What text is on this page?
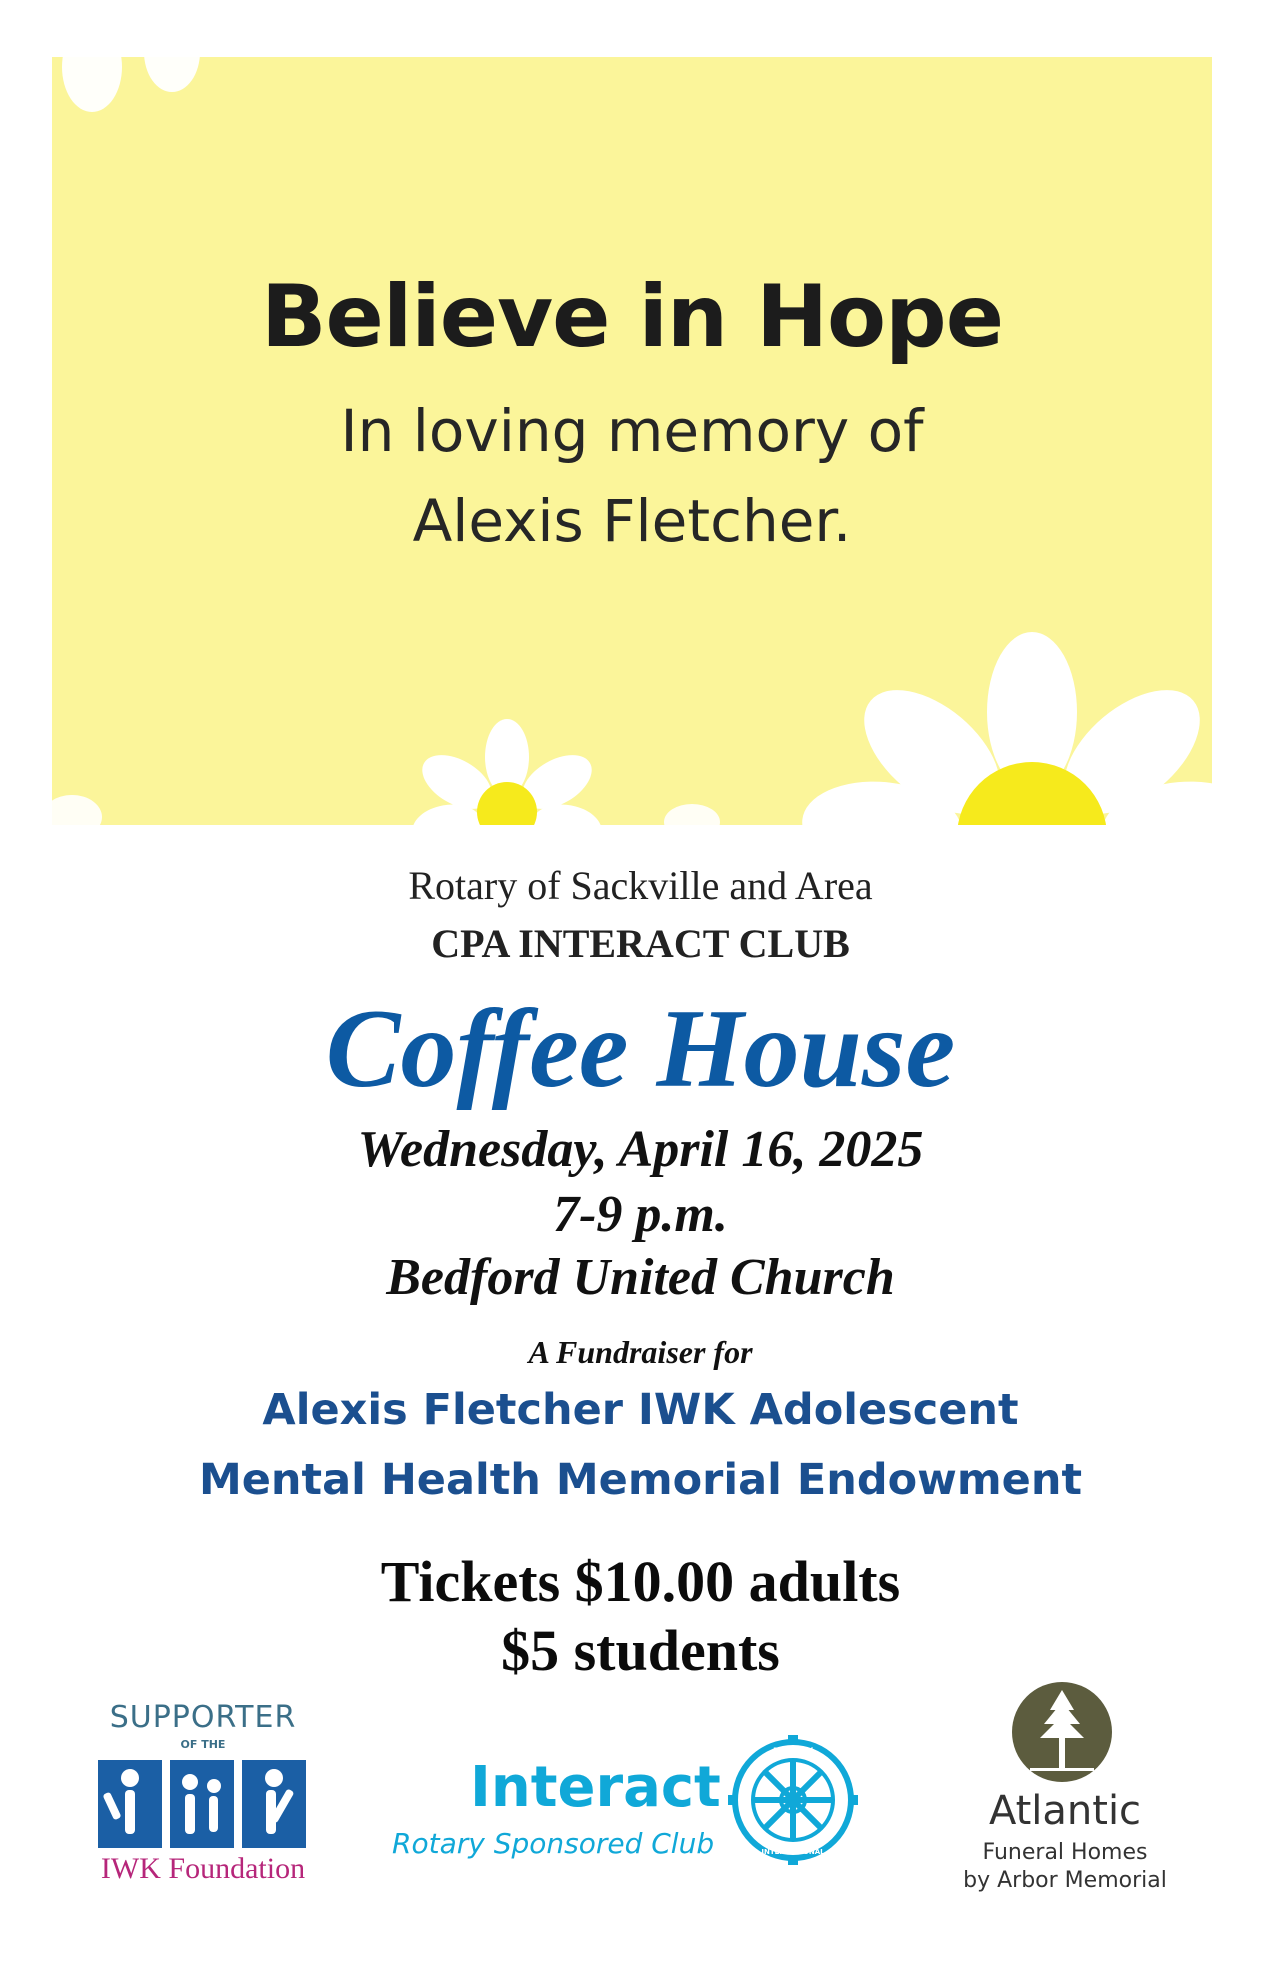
Believe in Hope

In loving memory of

Alexis Fletcher.

Rotary of Sackville and Area

CPA INTERACT CLUB

Coffee House

Wednesday, April 16, 2025

7-9 p.m.

Bedford United Church

A Fundraiser for

Alexis Fletcher IWK Adolescent

Mental Health Memorial Endowment

Tickets $10.00 adults

$5 students

SUPPORTER
OF THE
IWK Foundation
Interact
Rotary Sponsored Club
ROTARY
INTERNATIONAL
Atlantic
Funeral Homes
by Arbor Memorial
